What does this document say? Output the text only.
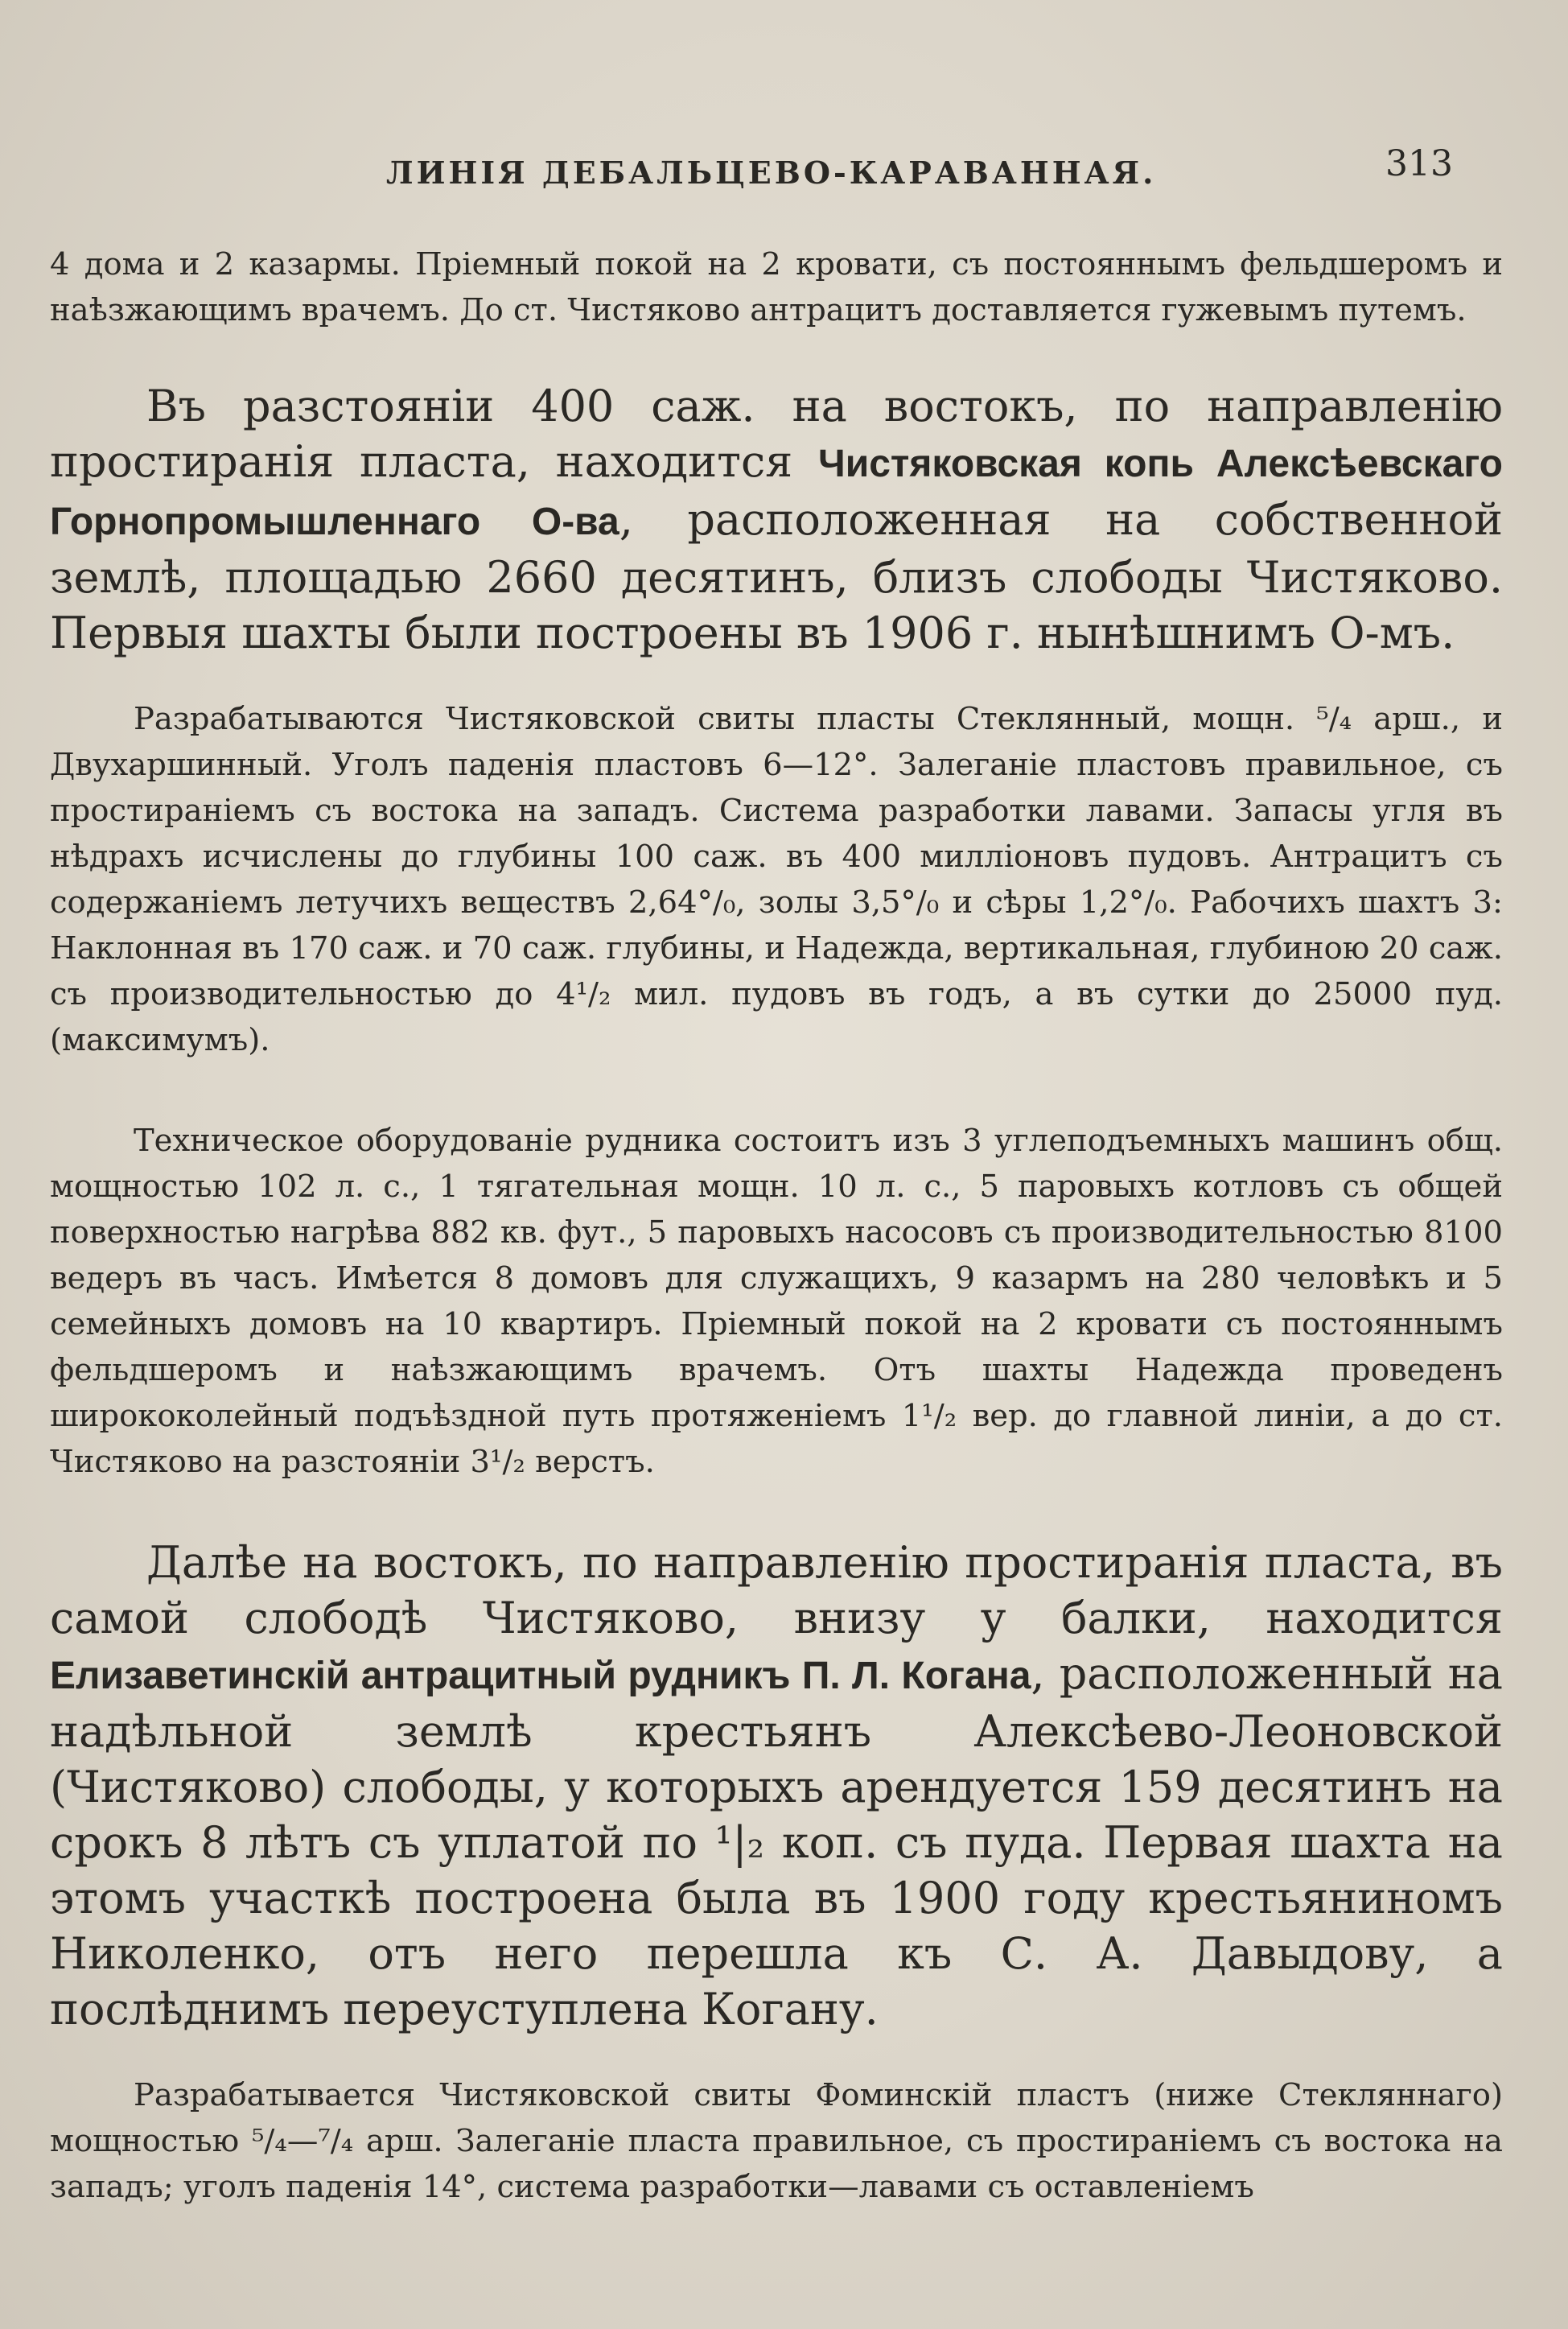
ЛИНІЯ ДЕБАЛЬЦЕВО-КАРАВАННАЯ.	313

4 дома и 2 казармы. Пріемный покой на 2 кровати, съ постояннымъ фельдшеромъ и наѣзжающимъ врачемъ. До ст. Чистяково антрацитъ доставляется гужевымъ путемъ.

Въ разстояніи 400 саж. на востокъ, по направленію простиранія пласта, находится Чистяковская копь Алексѣевскаго Горнопромышленнаго О-ва, расположенная на собственной землѣ, площадью 2660 десятинъ, близъ слободы Чистяково. Первыя шахты были построены въ 1906 г. нынѣшнимъ О-мъ.

Разрабатываются Чистяковской свиты пласты Стеклянный, мощн. ⁵/₄ арш., и Двухаршинный. Уголъ паденія пластовъ 6—12°. Залеганіе пластовъ правильное, съ простираніемъ съ востока на западъ. Система разработки лавами. Запасы угля въ нѣдрахъ исчислены до глубины 100 саж. въ 400 милліоновъ пудовъ. Антрацитъ съ содержаніемъ летучихъ веществъ 2,64°/₀, золы 3,5°/₀ и сѣры 1,2°/₀. Рабочихъ шахтъ 3: Наклонная въ 170 саж. и 70 саж. глубины, и Надежда, вертикальная, глубиною 20 саж. съ производительностью до 4¹/₂ мил. пудовъ въ годъ, а въ сутки до 25000 пуд. (максимумъ).

Техническое оборудованіе рудника состоитъ изъ 3 углеподъемныхъ машинъ общ. мощностью 102 л. с., 1 тягательная мощн. 10 л. с., 5 паровыхъ котловъ съ общей поверхностью нагрѣва 882 кв. фут., 5 паровыхъ насосовъ съ производительностью 8100 ведеръ въ часъ. Имѣется 8 домовъ для служащихъ, 9 казармъ на 280 человѣкъ и 5 семейныхъ домовъ на 10 квартиръ. Пріемный покой на 2 кровати съ постояннымъ фельдшеромъ и наѣзжающимъ врачемъ. Отъ шахты Надежда проведенъ ширококолейный подъѣздной путь протяженіемъ 1¹/₂ вер. до главной линіи, а до ст. Чистяково на разстояніи 3¹/₂ верстъ.

Далѣе на востокъ, по направленію простиранія пласта, въ самой слободѣ Чистяково, внизу у балки, находится Елизаветинскій антрацитный рудникъ П. Л. Когана, расположенный на надѣльной землѣ крестьянъ Алексѣево-Леоновской (Чистяково) слободы, у которыхъ арендуется 159 десятинъ на срокъ 8 лѣтъ съ уплатой по ¹|₂ коп. съ пуда. Первая шахта на этомъ участкѣ построена была въ 1900 году крестьяниномъ Николенко, отъ него перешла къ С. А. Давыдову, а послѣднимъ переуступлена Когану.

Разрабатывается Чистяковской свиты Фоминскій пластъ (ниже Стекляннаго) мощностью ⁵/₄—⁷/₄ арш. Залеганіе пласта правильное, съ простираніемъ съ востока на западъ; уголъ паденія 14°, система разработки—лавами съ оставленіемъ
